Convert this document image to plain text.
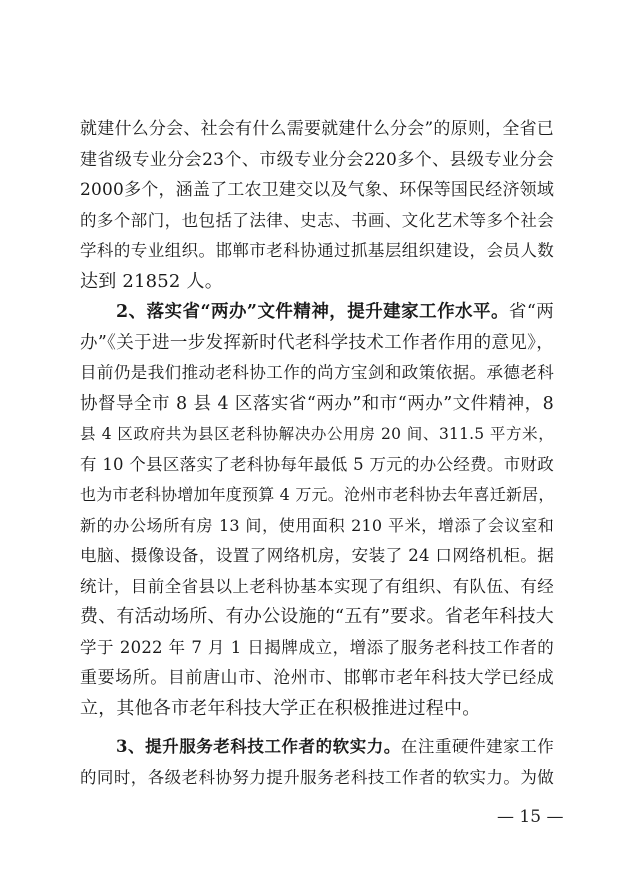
就建什么分会、社会有什么需要就建什么分会”的原则，全省已
建省级专业分会23个、市级专业分会220多个、县级专业分会
2000多个，涵盖了工农卫建交以及气象、环保等国民经济领域
的多个部门，也包括了法律、史志、书画、文化艺术等多个社会
学科的专业组织。邯郸市老科协通过抓基层组织建设，会员人数
达到 21852 人。
2、落实省“两办”文件精神，提升建家工作水平。省“两
办”《关于进一步发挥新时代老科学技术工作者作用的意见》，
目前仍是我们推动老科协工作的尚方宝剑和政策依据。承德老科
协督导全市 8 县 4 区落实省“两办”和市“两办”文件精神，8
县 4 区政府共为县区老科协解决办公用房 20 间、311.5 平方米，
有 10 个县区落实了老科协每年最低 5 万元的办公经费。市财政
也为市老科协增加年度预算 4 万元。沧州市老科协去年喜迁新居，
新的办公场所有房 13 间，使用面积 210 平米，增添了会议室和
电脑、摄像设备，设置了网络机房，安装了 24 口网络机柜。据
统计，目前全省县以上老科协基本实现了有组织、有队伍、有经
费、有活动场所、有办公设施的“五有”要求。省老年科技大
学于 2022 年 7 月 1 日揭牌成立，增添了服务老科技工作者的
重要场所。目前唐山市、沧州市、邯郸市老年科技大学已经成
立，其他各市老年科技大学正在积极推进过程中。
3、提升服务老科技工作者的软实力。在注重硬件建家工作
的同时，各级老科协努力提升服务老科技工作者的软实力。为做
— 15 —
